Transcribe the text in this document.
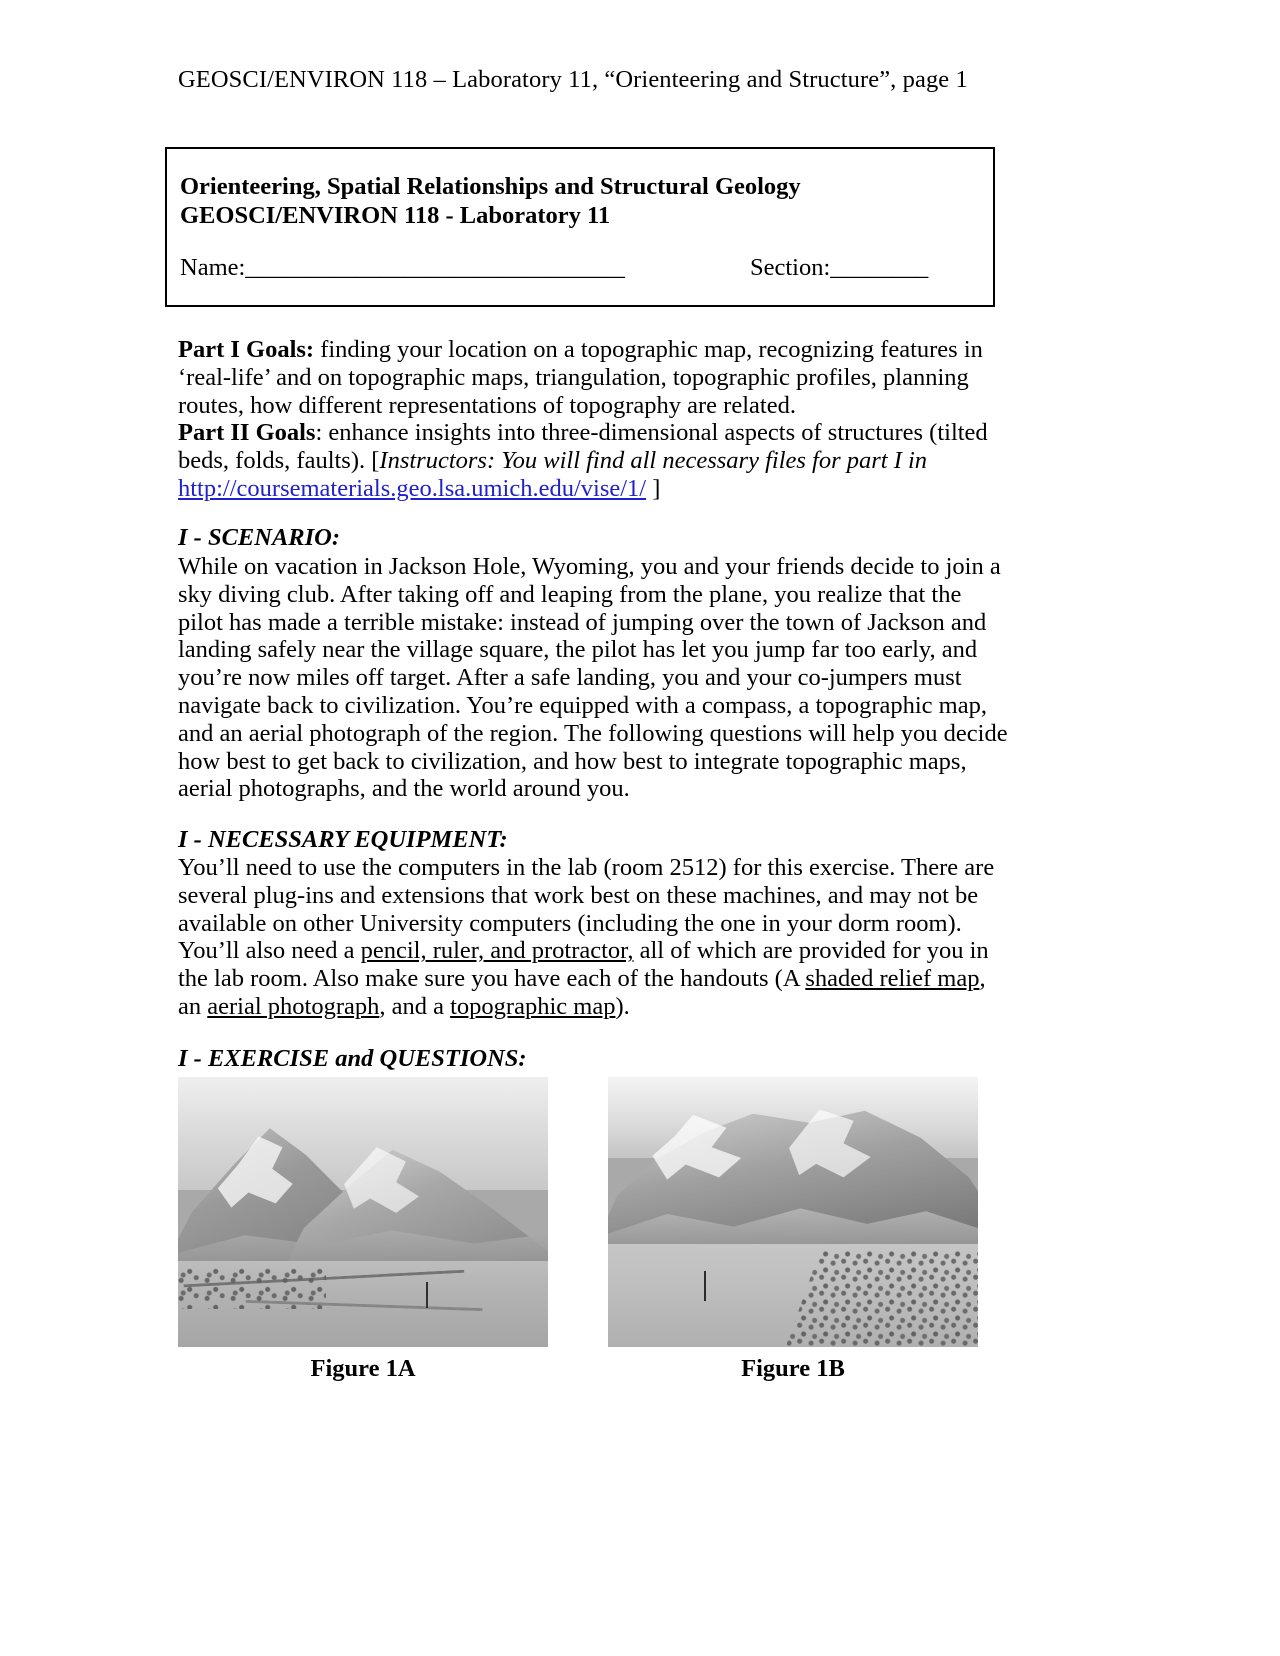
GEOSCI/ENVIRON 118 – Laboratory 11, “Orienteering and Structure”, page 1
Orienteering, Spatial Relationships and Structural Geology
GEOSCI/ENVIRON 118 - Laboratory 11
Name:_______________________________	Section:________

Part I Goals: finding your location on a topographic map, recognizing features in ‘real-life’ and on topographic maps, triangulation, topographic profiles, planning routes, how different representations of topography are related.
Part II Goals: enhance insights into three-dimensional aspects of structures (tilted beds, folds, faults). [Instructors: You will find all necessary files for part I in
http://coursematerials.geo.lsa.umich.edu/vise/1/ ]

I - SCENARIO:
While on vacation in Jackson Hole, Wyoming, you and your friends decide to join a sky diving club. After taking off and leaping from the plane, you realize that the pilot has made a terrible mistake: instead of jumping over the town of Jackson and landing safely near the village square, the pilot has let you jump far too early, and you’re now miles off target. After a safe landing, you and your co-jumpers must navigate back to civilization. You’re equipped with a compass, a topographic map, and an aerial photograph of the region. The following questions will help you decide how best to get back to civilization, and how best to integrate topographic maps, aerial photographs, and the world around you.
I - NECESSARY EQUIPMENT:
You’ll need to use the computers in the lab (room 2512) for this exercise. There are several plug-ins and extensions that work best on these machines, and may not be available on other University computers (including the one in your dorm room). You’ll also need a pencil, ruler, and protractor, all of which are provided for you in the lab room. Also make sure you have each of the handouts (A shaded relief map, an aerial photograph, and a topographic map).
I - EXERCISE and QUESTIONS:
Figure 1A	Figure 1B
